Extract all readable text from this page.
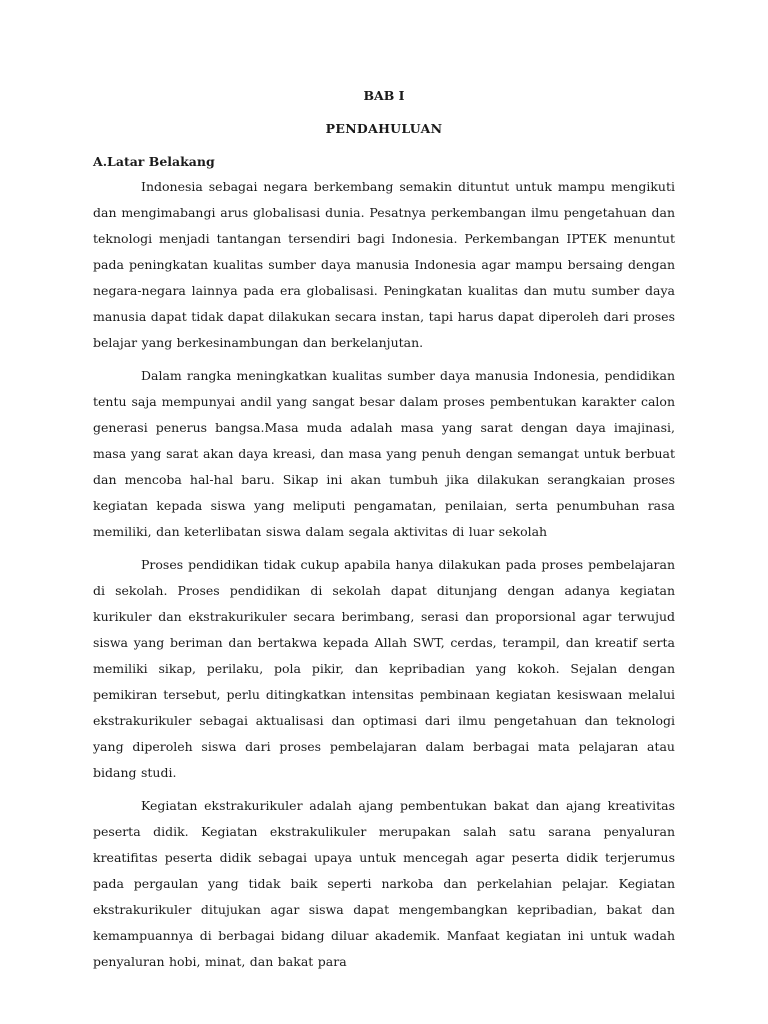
BAB I
PENDAHULUAN
A.Latar Belakang

Indonesia sebagai negara berkembang semakin dituntut untuk mampu mengikuti dan mengimabangi arus globalisasi dunia. Pesatnya perkembangan ilmu pengetahuan dan teknologi menjadi tantangan tersendiri bagi Indonesia. Perkembangan IPTEK menuntut pada peningkatan kualitas sumber daya manusia Indonesia agar mampu bersaing dengan negara-negara lainnya pada era globalisasi. Peningkatan kualitas dan mutu sumber daya manusia dapat tidak dapat dilakukan secara instan, tapi harus dapat diperoleh dari proses belajar yang berkesinambungan dan berkelanjutan.

Dalam rangka meningkatkan kualitas sumber daya manusia Indonesia, pendidikan tentu saja mempunyai andil yang sangat besar dalam proses pembentukan karakter calon generasi penerus bangsa.Masa muda adalah masa yang sarat dengan daya imajinasi, masa yang sarat akan daya kreasi, dan masa yang penuh dengan semangat untuk berbuat dan mencoba hal-hal baru. Sikap ini akan tumbuh jika dilakukan serangkaian proses kegiatan kepada siswa yang meliputi pengamatan, penilaian, serta penumbuhan rasa memiliki, dan keterlibatan siswa dalam segala aktivitas di luar sekolah

Proses pendidikan tidak cukup apabila hanya dilakukan pada proses pembelajaran di sekolah. Proses pendidikan di sekolah dapat ditunjang dengan adanya kegiatan kurikuler dan ekstrakurikuler secara berimbang, serasi dan proporsional agar terwujud siswa yang beriman dan bertakwa kepada Allah SWT, cerdas, terampil, dan kreatif serta memiliki sikap, perilaku, pola pikir, dan kepribadian yang kokoh. Sejalan dengan pemikiran tersebut, perlu ditingkatkan intensitas pembinaan kegiatan kesiswaan melalui ekstrakurikuler sebagai aktualisasi dan optimasi dari ilmu pengetahuan dan teknologi yang diperoleh siswa dari proses pembelajaran dalam berbagai mata pelajaran atau bidang studi.

Kegiatan ekstrakurikuler adalah ajang pembentukan bakat dan ajang kreativitas peserta didik. Kegiatan ekstrakulikuler merupakan salah satu sarana penyaluran kreatifitas peserta didik sebagai upaya untuk mencegah agar peserta didik terjerumus pada pergaulan yang tidak baik seperti narkoba dan perkelahian pelajar. Kegiatan ekstrakurikuler ditujukan agar siswa dapat mengembangkan kepribadian, bakat dan kemampuannya di berbagai bidang diluar akademik. Manfaat kegiatan ini untuk wadah penyaluran hobi, minat, dan bakat para
